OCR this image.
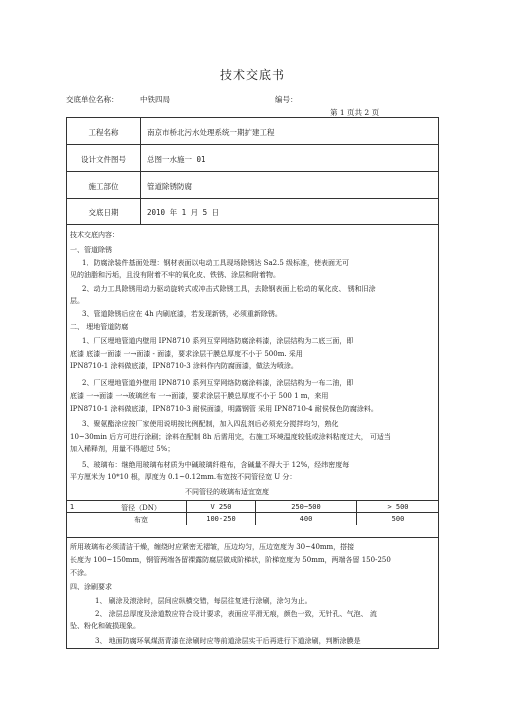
技术交底书
交底单位名称：	中铁四局	编号：
第 1 页共 2 页
工程名称	南京市桥北污水处理系统一期扩建工程
设计文件图号	总图一水施一 01
施工部位	管道除锈防腐
交底日期	2010 年 1 月 5 日
技术交底内容：
一、管道除锈
1．防腐涂装件基面处理：钢材表面以电动工具现场除锈达 Sa2.5 级标准，使表面无可
见的油脂和污垢，且没有附着不牢的氧化皮、铁锈、涂层和附着物。
2、动力工具除锈用动力驱动旋转式或冲击式除锈工具，去除钢表面上松动的氧化皮、 锈和旧涂
层。
3、管道除锈后应在 4h 内刷底漆，若发现新锈，必须重新除锈。
二、 埋地管道防腐
1、厂区埋地管道内壁用 IPN8710 系列互穿网络防腐涂料漆，涂层结构为二底三面，即
底漆 底漆一面漆 一→面漆 - 面漆，要求涂层干膜总厚度不小于 500m. 采用
IPN8710-1 涂料做底漆，IPN8710-3 涂料作内防腐面漆，做法为喷涂。
2、厂区埋地管道外壁用 IPN8710 系列互穿网络防腐涂料漆，涂层结构为一布二油，即
底漆 一→面漆 一→玻璃丝布 一→面漆，要求涂层干膜总厚度不小于 500 1 m，来用
IPN8710-1 涂料做底漆，IPN8710-3 耐侯面漆，明露钢管 采用 IPN8710-4 耐侯保色防腐涂料。
3、聚氨酯涂应按厂家使用说明按比例配制，加入四乱剂后必须充分搅拌均匀，熟化
10~30min 后方可进行涂刷；涂料在配制 8h 后需用完，右施工环境温度较低或涂料粘度过大， 可适当
加入稀释剂，用量不得超过 5%；
5、玻璃布：继绝用玻璃布材质为中碱玻璃纤维布，含碱量不得大于 12%，经纬密度每
平方厘米为 10*10 根，厚度为 0.1~0.12mm.布宽按不同管径宽 U 分：
不同管径的玻璃布适宜宽度
1	管径（DN）	V 250	250~500	> 500
布宽	100-250	400	500
所用玻璃布必须清洁干燥，缠绕时应紧密无褶皱，压边均匀，压边宽度为 30~40mm，搭接
长度为 100~150mm，钢管两端各留裸露防腐层做成阶梯状，阶梯宽度为 50mm，两端各留 150-250
不涂。
四、涂刷要求
1、 刷涂及滚涂时，层间应纵横交错，每层往复进行涂刷，涂匀为止。
2、 涂层总厚度及涂道数应符合设计要求，表面应平滑无痕，颜色一致，无针孔、气泡、 流
坠、粉化和破损现象。
3、 地面防腐环氧煤沥青漆在涂刷时应等前道涂层实干后再进行下道涂刷，判断涂膜是
